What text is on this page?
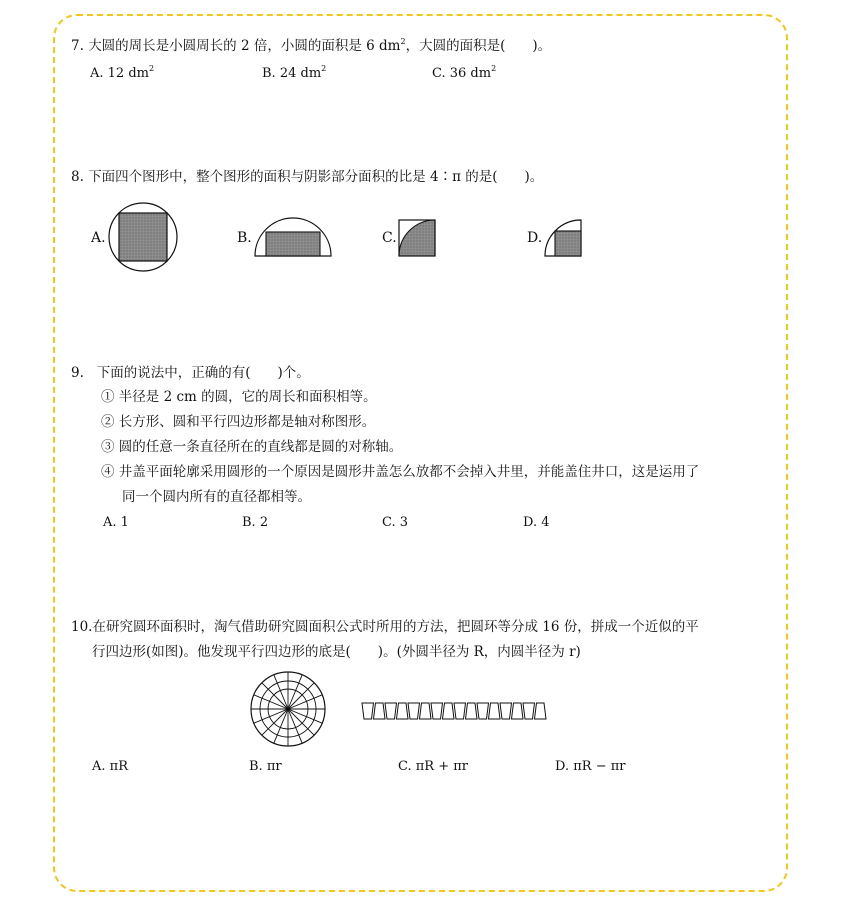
7. 大圆的周长是小圆周长的 2 倍，小圆的面积是 6 $dm^2$，大圆的面积是(　　)。
A. 12 $dm^2$	B. 24 $dm^2$	C. 36 $dm^2$
8. 下面四个图形中，整个图形的面积与阴影部分面积的比是 4∶π 的是(　　)。
A.	B.	C.	D.
9. 下面的说法中，正确的有(　　)个。
① 半径是 2 cm 的圆，它的周长和面积相等。
② 长方形、圆和平行四边形都是轴对称图形。
③ 圆的任意一条直径所在的直线都是圆的对称轴。
④ 井盖平面轮廓采用圆形的一个原因是圆形井盖怎么放都不会掉入井里，并能盖住井口，这是运用了
同一个圆内所有的直径都相等。
A. 1	B. 2	C. 3	D. 4
10.在研究圆环面积时，淘气借助研究圆面积公式时所用的方法，把圆环等分成 16 份，拼成一个近似的平
行四边形(如图)。他发现平行四边形的底是(　　)。(外圆半径为 R，内圆半径为 r)
A. πR	B. πr	C. πR + πr	D. πR − πr
